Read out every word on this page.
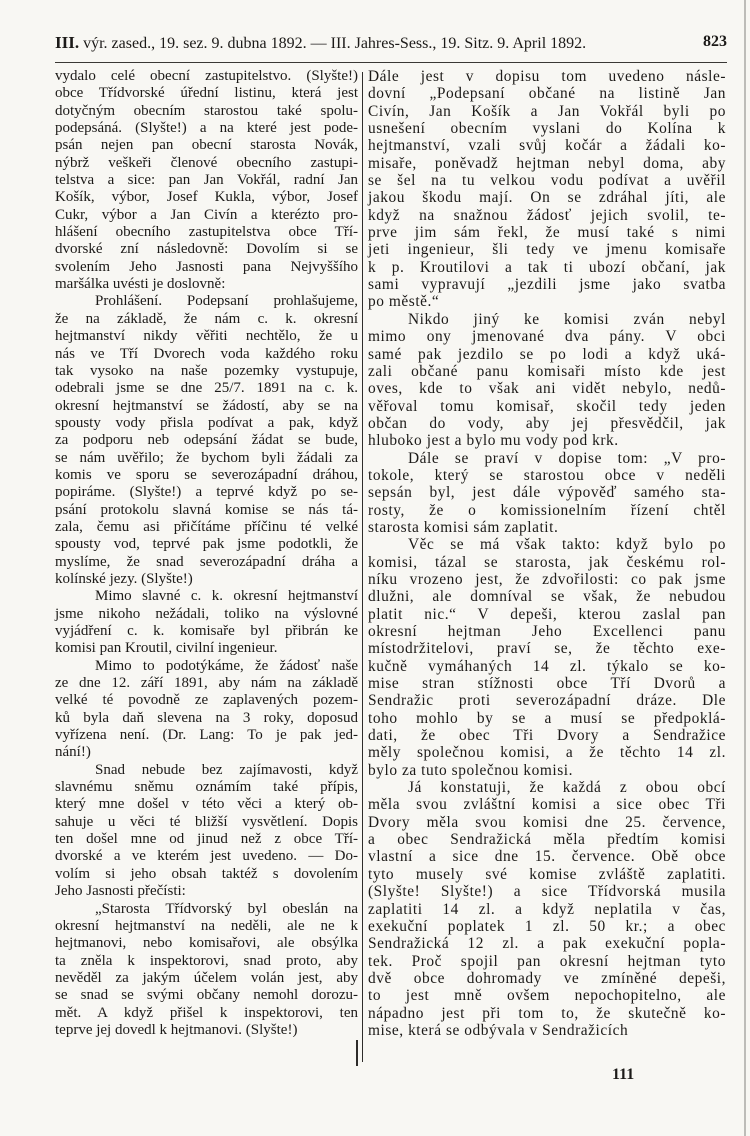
III. výr. zased., 19. sez. 9. dubna 1892. — III. Jahres-Sess., 19. Sitz. 9. April 1892.	823
vydalo celé obecní zastupitelstvo. (Slyšte!)
obce Třídvorské úřední listinu, která jest
dotyčným obecním starostou také spolu-
podepsáná. (Slyšte!) a na které jest pode-
psán nejen pan obecní starosta Novák,
nýbrž veškeři členové obecního zastupi-
telstva a sice: pan Jan Vokřál, radní Jan
Košík, výbor, Josef Kukla, výbor, Josef
Cukr, výbor a Jan Civín a kterézto pro-
hlášení obecního zastupitelstva obce Tří-
dvorské zní následovně: Dovolím si se
svolením Jeho Jasnosti pana Nejvyššího
maršálka uvésti je doslovně:
Prohlášení. Podepsaní prohlašujeme,
že na základě, že nám c. k. okresní
hejtmanství nikdy věřiti nechtělo, že u
nás ve Tří Dvorech voda každého roku
tak vysoko na naše pozemky vystupuje,
odebrali jsme se dne 25/7. 1891 na c. k.
okresní hejtmanství se žádostí, aby se na
spousty vody přisla podívat a pak, když
za podporu neb odepsání žádat se bude,
se nám uvěřilo; že bychom byli žádali za
komis ve sporu se severozápadní dráhou,
popiráme. (Slyšte!) a teprvé když po se-
psání protokolu slavná komise se nás tá-
zala, čemu asi přičítáme příčinu té velké
spousty vod, teprvé pak jsme podotkli, že
myslíme, že snad severozápadní dráha a
kolínské jezy. (Slyšte!)
Mimo slavné c. k. okresní hejtmanství
jsme nikoho nežádali, toliko na výslovné
vyjádření c. k. komisaře byl přibrán ke
komisi pan Kroutil, civilní ingenieur.
Mimo to podotýkáme, že žádosť naše
ze dne 12. září 1891, aby nám na základě
velké té povodně ze zaplavených pozem-
ků byla daň slevena na 3 roky, doposud
vyřízena není. (Dr. Lang: To je pak jed-
nání!)
Snad nebude bez zajímavosti, když
slavnému sněmu oznámím také přípis,
který mne došel v této věci a který ob-
sahuje u věci té bližší vysvětlení. Dopis
ten došel mne od jinud než z obce Tří-
dvorské a ve kterém jest uvedeno. — Do-
volím si jeho obsah taktéž s dovolením
Jeho Jasnosti přečísti:
„Starosta Třídvorský byl obeslán na
okresní hejtmanství na neděli, ale ne k
hejtmanovi, nebo komisařovi, ale obsýlka
ta zněla k inspektorovi, snad proto, aby
nevěděl za jakým účelem volán jest, aby
se snad se svými občany nemohl dorozu-
mět. A když přišel k inspektorovi, ten
teprve jej dovedl k hejtmanovi. (Slyšte!)
Dále jest v dopisu tom uvedeno násle-
dovní „Podepsaní občané na listině Jan
Civín, Jan Košík a Jan Vokřál byli po
usnešení obecním vyslani do Kolína k
hejtmanství, vzali svůj kočár a žádali ko-
misaře, poněvadž hejtman nebyl doma, aby
se šel na tu velkou vodu podívat a uvěřil
jakou škodu mají. On se zdráhal jíti, ale
když na snažnou žádosť jejich svolil, te-
prve jim sám řekl, že musí také s nimi
jeti ingenieur, šli tedy ve jmenu komisaře
k p. Kroutilovi a tak ti ubozí občaní, jak
sami vypravují „jezdili jsme jako svatba
po městě.“
Nikdo jiný ke komisi zván nebyl
mimo ony jmenované dva pány. V obci
samé pak jezdilo se po lodi a když uká-
zali občané panu komisaři místo kde jest
oves, kde to však ani vidět nebylo, nedů-
věřoval tomu komisař, skočil tedy jeden
občan do vody, aby jej přesvědčil, jak
hluboko jest a bylo mu vody pod krk.
Dále se praví v dopise tom: „V pro-
tokole, který se starostou obce v neděli
sepsán byl, jest dále výpověď samého sta-
rosty, že o komissionelním řízení chtěl
starosta komisi sám zaplatit.
Věc se má však takto: když bylo po
komisi, tázal se starosta, jak českému rol-
níku vrozeno jest, že zdvořilosti: co pak jsme
dlužni, ale domníval se však, že nebudou
platit nic.“ V depeši, kterou zaslal pan
okresní hejtman Jeho Excellenci panu
místodržitelovi, praví se, že těchto exe-
kučně vymáhaných 14 zl. týkalo se ko-
mise stran stížnosti obce Tří Dvorů a
Sendražic proti severozápadní dráze. Dle
toho mohlo by se a musí se předpoklá-
dati, že obec Tři Dvory a Sendražice
měly společnou komisi, a že těchto 14 zl.
bylo za tuto společnou komisi.
Já konstatuji, že každá z obou obcí
měla svou zvláštní komisi a sice obec Tři
Dvory měla svou komisi dne 25. července,
a obec Sendražická měla předtím komisi
vlastní a sice dne 15. července. Obě obce
tyto musely své komise zvláště zaplatiti.
(Slyšte! Slyšte!) a sice Třídvorská musila
zaplatiti 14 zl. a když neplatila v čas,
exekuční poplatek 1 zl. 50 kr.; a obec
Sendražická 12 zl. a pak exekuční popla-
tek. Proč spojil pan okresní hejtman tyto
dvě obce dohromady ve zmíněné depeši,
to jest mně ovšem nepochopitelno, ale
nápadno jest při tom to, že skutečně ko-
mise, která se odbývala v Sendražicích
111
